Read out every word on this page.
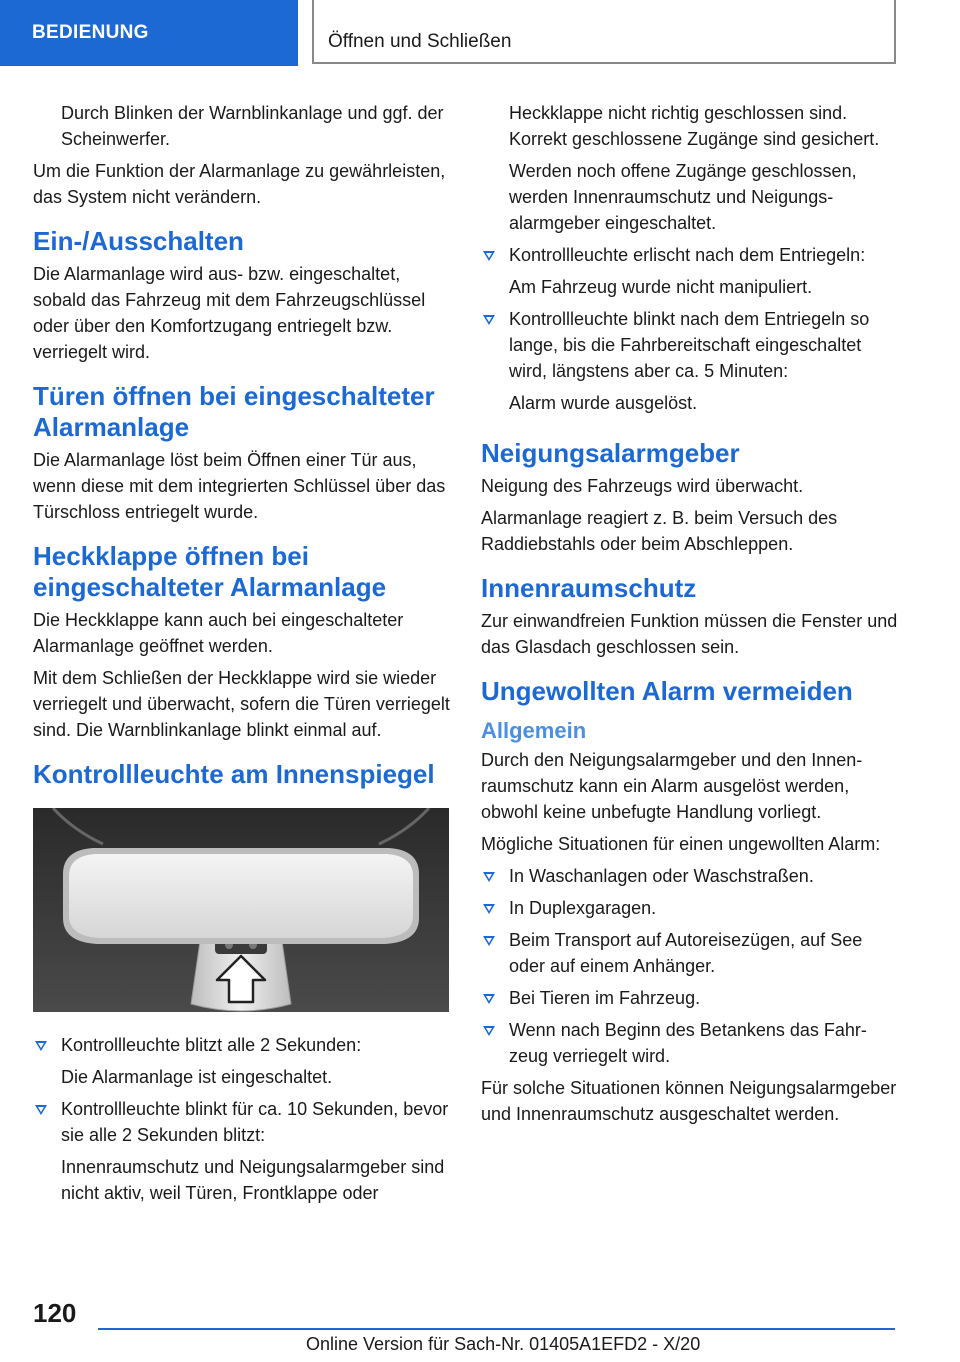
BEDIENUNG	Öffnen und Schließen

Durch Blinken der Warnblinkanlage und ggf. der Scheinwerfer.

Um die Funktion der Alarmanlage zu gewährleisten, das System nicht verändern.

Ein-/Ausschalten

Die Alarmanlage wird aus- bzw. eingeschaltet, sobald das Fahrzeug mit dem Fahrzeugschlüssel oder über den Komfortzugang entriegelt bzw. verriegelt wird.

Türen öffnen bei eingeschalteter Alarmanlage

Die Alarmanlage löst beim Öffnen einer Tür aus, wenn diese mit dem integrierten Schlüssel über das Türschloss entriegelt wurde.

Heckklappe öffnen bei eingeschalteter Alarmanlage

Die Heckklappe kann auch bei eingeschalteter Alarmanlage geöffnet werden.

Mit dem Schließen der Heckklappe wird sie wieder verriegelt und überwacht, sofern die Türen verriegelt sind. Die Warnblinkanlage blinkt einmal auf.

Kontrollleuchte am Innenspiegel
Kontrollleuchte blitzt alle 2 Sekunden:

Die Alarmanlage ist eingeschaltet.

Kontrollleuchte blinkt für ca. 10 Sekunden, bevor sie alle 2 Sekunden blitzt:

Innenraumschutz und Neigungsalarmgeber sind nicht aktiv, weil Türen, Frontklappe oder

Heckklappe nicht richtig geschlossen sind. Korrekt geschlossene Zugänge sind gesichert.

Werden noch offene Zugänge geschlossen, werden Innenraumschutz und Neigungsalarmgeber eingeschaltet.

Kontrollleuchte erlischt nach dem Entriegeln:

Am Fahrzeug wurde nicht manipuliert.

Kontrollleuchte blinkt nach dem Entriegeln so lange, bis die Fahrbereitschaft eingeschaltet wird, längstens aber ca. 5 Minuten:

Alarm wurde ausgelöst.

Neigungsalarmgeber

Neigung des Fahrzeugs wird überwacht.

Alarmanlage reagiert z. B. beim Versuch des Raddiebstahls oder beim Abschleppen.

Innenraumschutz

Zur einwandfreien Funktion müssen die Fenster und das Glasdach geschlossen sein.

Ungewollten Alarm vermeiden
Allgemein

Durch den Neigungsalarmgeber und den Innenraumschutz kann ein Alarm ausgelöst werden, obwohl keine unbefugte Handlung vorliegt.

Mögliche Situationen für einen ungewollten Alarm:

In Waschanlagen oder Waschstraßen.
In Duplexgaragen.
Beim Transport auf Autoreisezügen, auf See oder auf einem Anhänger.
Bei Tieren im Fahrzeug.
Wenn nach Beginn des Betankens das Fahrzeug verriegelt wird.

Für solche Situationen können Neigungsalarmgeber und Innenraumschutz ausgeschaltet werden.

120
Online Version für Sach-Nr. 01405A1EFD2 - X/20
